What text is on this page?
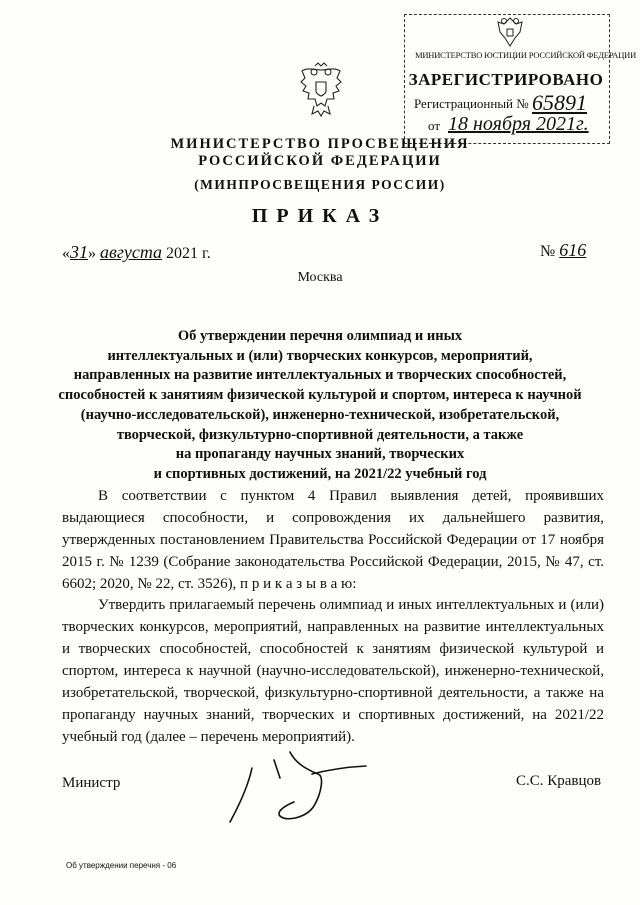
МИНИСТЕРСТВО ЮСТИЦИИ РОССИЙСКОЙ ФЕДЕРАЦИИ
ЗАРЕГИСТРИРОВАНО
Регистрационный № 65891
от 18 ноября 2021г.
МИНИСТЕРСТВО ПРОСВЕЩЕНИЯ
РОССИЙСКОЙ ФЕДЕРАЦИИ
(МИНПРОСВЕЩЕНИЯ РОССИИ)
ПРИКАЗ
«31» августа 2021 г.	№ 616
Москва
Об утверждении перечня олимпиад и иных
интеллектуальных и (или) творческих конкурсов, мероприятий,
направленных на развитие интеллектуальных и творческих способностей,
способностей к занятиям физической культурой и спортом, интереса к научной
(научно-исследовательской), инженерно-технической, изобретательской,
творческой, физкультурно-спортивной деятельности, а также
на пропаганду научных знаний, творческих
и спортивных достижений, на 2021/22 учебный год

В соответствии с пунктом 4 Правил выявления детей, проявивших выдающиеся способности, и сопровождения их дальнейшего развития, утвержденных постановлением Правительства Российской Федерации от 17 ноября 2015 г. № 1239 (Собрание законодательства Российской Федерации, 2015, № 47, ст. 6602; 2020, № 22, ст. 3526), п р и к а з ы в а ю:

Утвердить прилагаемый перечень олимпиад и иных интеллектуальных и (или) творческих конкурсов, мероприятий, направленных на развитие интеллектуальных и творческих способностей, способностей к занятиям физической культурой и спортом, интереса к научной (научно-исследовательской), инженерно-технической, изобретательской, творческой, физкультурно-спортивной деятельности, а также на пропаганду научных знаний, творческих и спортивных достижений, на 2021/22 учебный год (далее – перечень мероприятий).

Министр	С.С. Кравцов
Об утверждении перечня - 06
